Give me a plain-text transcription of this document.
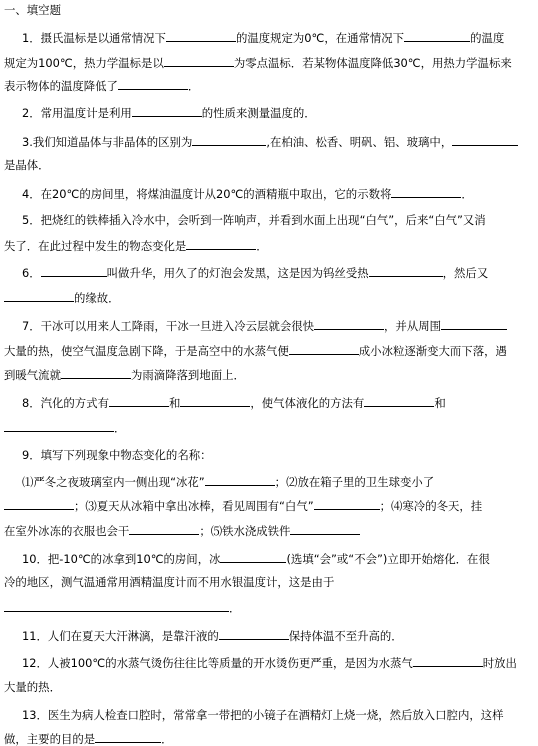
一、填空题
1．摄氏温标是以通常情况下	的温度规定为0℃，在通常情况下	的温度
规定为100℃，热力学温标是以	为零点温标．若某物体温度降低30℃，用热力学温标来
表示物体的温度降低了	．
2．常用温度计是利用	的性质来测量温度的．
3.我们知道晶体与非晶体的区别为	,在柏油、松香、明矾、铝、玻璃中，
是晶体．
4．在20℃的房间里，将煤油温度计从20℃的酒精瓶中取出，它的示数将	．
5．把烧红的铁棒插入冷水中，会听到一阵响声，并看到水面上出现“白气”，后来“白气”又消
失了．在此过程中发生的物态变化是	．
6．	叫做升华，用久了的灯泡会发黑，这是因为钨丝受热	，然后又
的缘故．
7．干冰可以用来人工降雨，干冰一旦进入冷云层就会很快	，并从周围
大量的热，使空气温度急剧下降，于是高空中的水蒸气便	成小冰粒逐渐变大而下落，遇
到暖气流就	为雨滴降落到地面上．
8．汽化的方式有	和	，使气体液化的方法有	和
．
9．填写下列现象中物态变化的名称：
⑴严冬之夜玻璃室内一侧出现“冰花”	；⑵放在箱子里的卫生球变小了
；⑶夏天从冰箱中拿出冰棒，看见周围有“白气”	；⑷寒冷的冬天，挂
在室外冰冻的衣服也会干	；⑸铁水浇成铁件
10．把-10℃的冰拿到10℃的房间，冰	(选填“会”或“不会”)立即开始熔化．在很
冷的地区，测气温通常用酒精温度计而不用水银温度计，这是由于
．
11．人们在夏天大汗淋漓，是靠汗液的	保持体温不至升高的．
12．人被100℃的水蒸气烫伤往往比等质量的开水烫伤更严重，是因为水蒸气	时放出
大量的热．
13．医生为病人检查口腔时，常常拿一带把的小镜子在酒精灯上烧一烧，然后放入口腔内，这样
做，主要的目的是	．
